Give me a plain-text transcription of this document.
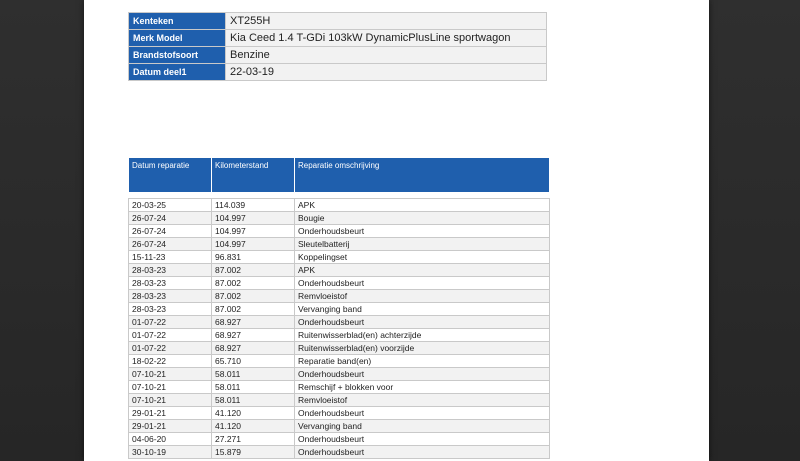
Kenteken	XT255H
Merk Model	Kia Ceed 1.4 T-GDi 103kW DynamicPlusLine sportwagon
Brandstofsoort	Benzine
Datum deel1	22-03-19
Datum reparatie	Kilometerstand	Reparatie omschrijving

20-03-25	114.039	APK
26-07-24	104.997	Bougie
26-07-24	104.997	Onderhoudsbeurt
26-07-24	104.997	Sleutelbatterij
15-11-23	96.831	Koppelingset
28-03-23	87.002	APK
28-03-23	87.002	Onderhoudsbeurt
28-03-23	87.002	Remvloeistof
28-03-23	87.002	Vervanging band
01-07-22	68.927	Onderhoudsbeurt
01-07-22	68.927	Ruitenwisserblad(en) achterzijde
01-07-22	68.927	Ruitenwisserblad(en) voorzijde
18-02-22	65.710	Reparatie band(en)
07-10-21	58.011	Onderhoudsbeurt
07-10-21	58.011	Remschijf + blokken voor
07-10-21	58.011	Remvloeistof
29-01-21	41.120	Onderhoudsbeurt
29-01-21	41.120	Vervanging band
04-06-20	27.271	Onderhoudsbeurt
30-10-19	15.879	Onderhoudsbeurt
